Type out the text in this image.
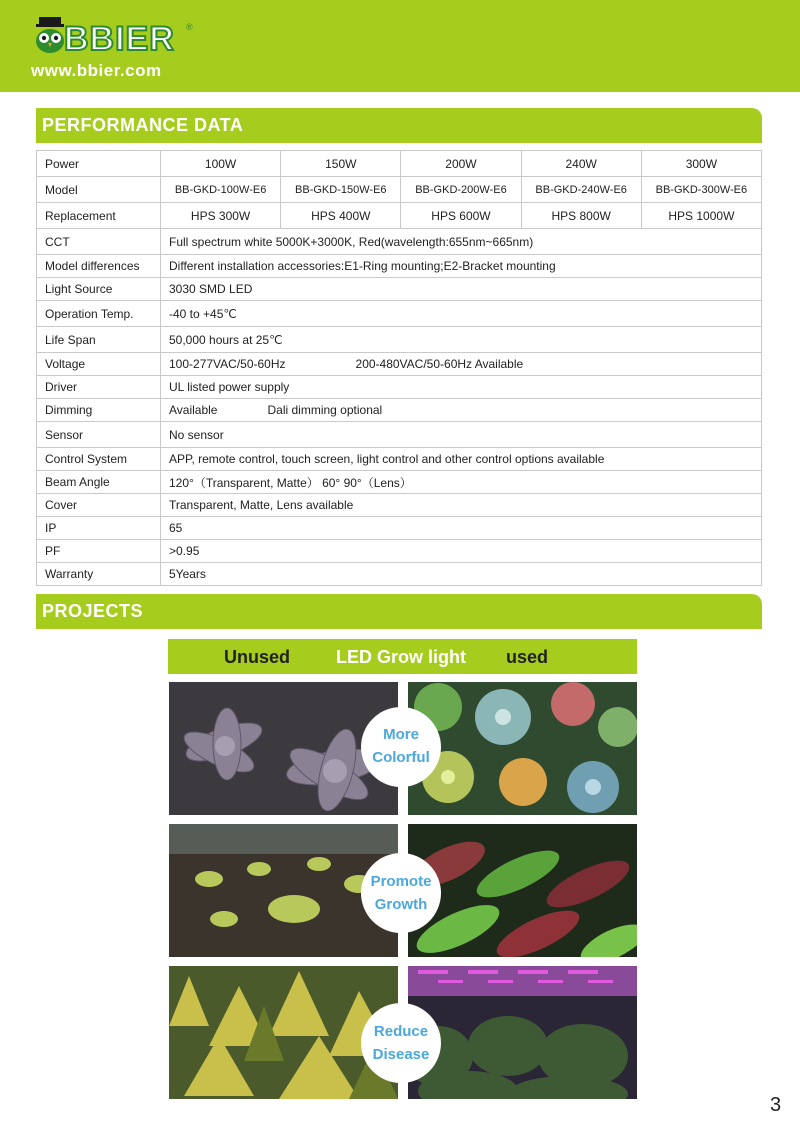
BBIER ®
www.bbier.com
PERFORMANCE DATA
Power	100W	150W	200W	240W	300W
Model	BB-GKD-100W-E6	BB-GKD-150W-E6	BB-GKD-200W-E6	BB-GKD-240W-E6	BB-GKD-300W-E6
Replacement	HPS 300W	HPS 400W	HPS 600W	HPS 800W	HPS 1000W
CCT	Full spectrum white 5000K+3000K, Red(wavelength:655nm~665nm)				
Model differences	Different installation accessories:E1-Ring mounting;E2-Bracket mounting				
Light Source	3030 SMD LED				
Operation Temp.	-40 to +45℃				
Life Span	50,000 hours at 25℃				
Voltage	100-277VAC/50-60Hz 200-480VAC/50-60Hz Available				
Driver	UL listed power supply				
Dimming	Available Dali dimming optional				
Sensor	No sensor				
Control System	APP, remote control, touch screen, light control and other control options available				
Beam Angle	120°（Transparent, Matte） 60° 90°（Lens）				
Cover	Transparent, Matte, Lens available				
IP	65				
PF	>0.95				
Warranty	5Years				
PROJECTS
Unused	LED Grow light used
More
Colorful
Promote
Growth
Reduce
Disease
3
